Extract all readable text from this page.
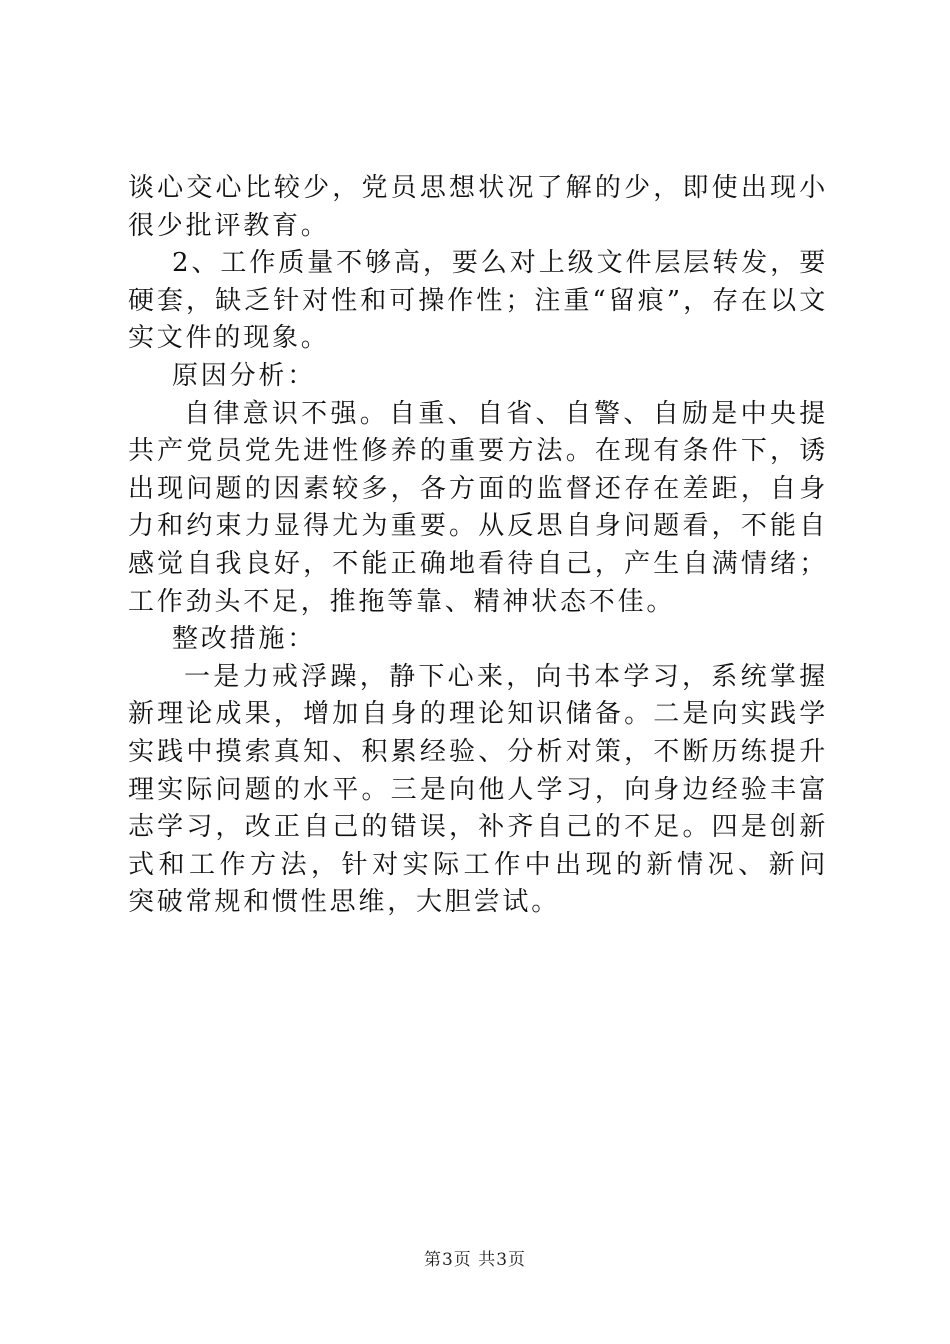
谈心交心比较少，党员思想状况了解的少，即使出现小
很少批评教育。
2、工作质量不够高，要么对上级文件层层转发，要
硬套，缺乏针对性和可操作性；注重“留痕”，存在以文
实文件的现象。
原因分析：
自律意识不强。自重、自省、自警、自励是中央提
共产党员党先进性修养的重要方法。在现有条件下，诱
出现问题的因素较多，各方面的监督还存在差距，自身
力和约束力显得尤为重要。从反思自身问题看，不能自
感觉自我良好，不能正确地看待自己，产生自满情绪；
工作劲头不足，推拖等靠、精神状态不佳。
整改措施：
一是力戒浮躁，静下心来，向书本学习，系统掌握
新理论成果，增加自身的理论知识储备。二是向实践学
实践中摸索真知、积累经验、分析对策，不断历练提升
理实际问题的水平。三是向他人学习，向身边经验丰富
志学习，改正自己的错误，补齐自己的不足。四是创新
式和工作方法，针对实际工作中出现的新情况、新问
突破常规和惯性思维，大胆尝试。
第3页 共3页
